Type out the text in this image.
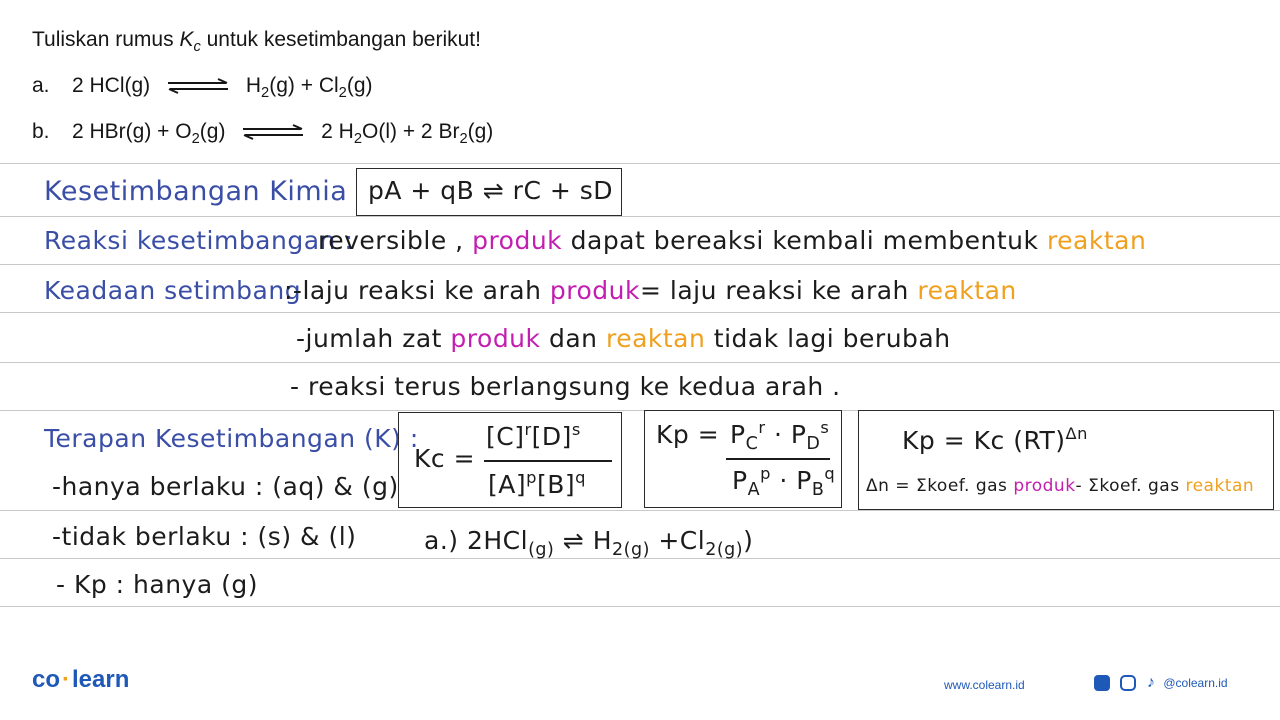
Tuliskan rumus $K_c$ untuk kesetimbangan berikut!
a. 2 HCl(g) ⇌ $H_2(g) + Cl_2(g)$
b. 2 $HBr(g) + O_2(g)$ ⇌ 2 $H_2O(l) + 2$ $Br_2(g)$
Kesetimbangan Kimia pA + qB ⇌ rC + sD
Reaksi kesetimbangan :
reversible , produk dapat bereaksi kembali membentuk reaktan
Keadaan setimbang
:-laju reaksi ke arah produk= laju reaksi ke arah reaktan
-jumlah zat produk dan reaktan tidak lagi berubah
- reaksi terus berlangsung ke kedua arah .
Terapan Kesetimbangan (K) :
Kc =
$[C]^r[D]^s$
$[A]^p[B]^q$
$Kp = P_C^r \cdot P_D^s$
$P_A^p \cdot P_B^q$
Kp = Kc (RT)$^{\Delta n}$
Δn = Σkoef. gas produk- Σkoef. gas reaktan
-hanya berlaku : (aq) & (g)
-tidak berlaku : (s) & (l)
- Kp : hanya (g)
a.) 2HCl$_{(g)}$ ⇌ $H_{2(g)} +Cl_{2(g)}$)
co·learn	www.colearn.id	♪ @colearn.id
